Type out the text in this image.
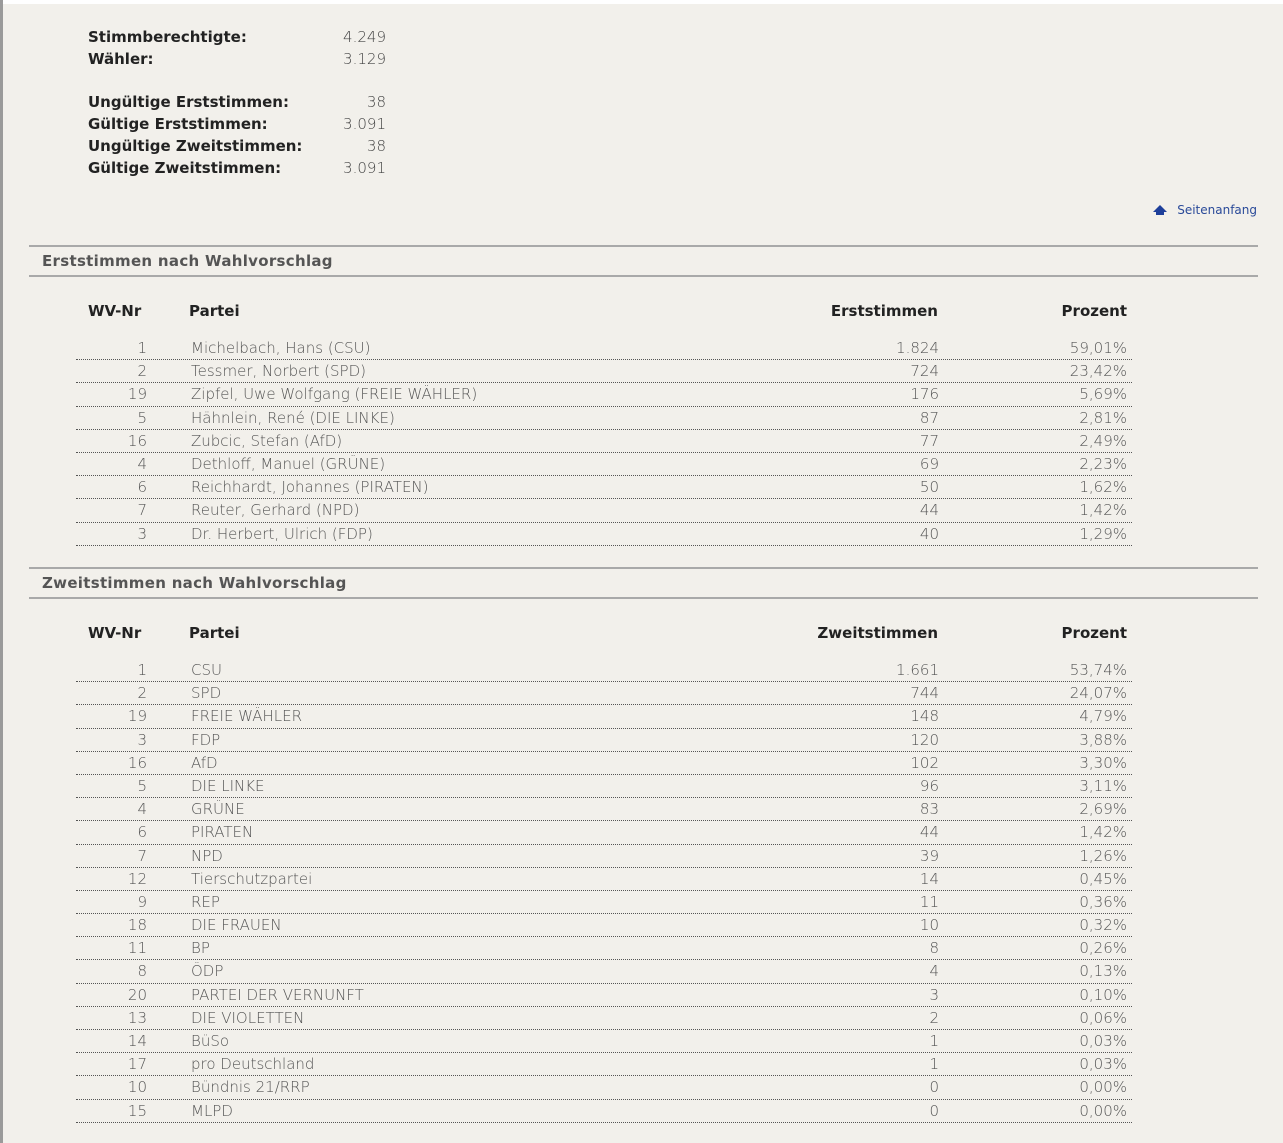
Stimmberechtigte:	4.249
Wähler:	3.129
Ungültige Erststimmen:	38
Gültige Erststimmen:	3.091
Ungültige Zweitstimmen:	38
Gültige Zweitstimmen:	3.091
Seitenanfang
Erststimmen nach Wahlvorschlag
WV-Nr	Partei	Erststimmen	Prozent
1	Michelbach, Hans (CSU)	1.824	59,01%
2	Tessmer, Norbert (SPD)	724	23,42%
19	Zipfel, Uwe Wolfgang (FREIE WÄHLER)	176	5,69%
5	Hähnlein, René (DIE LINKE)	87	2,81%
16	Zubcic, Stefan (AfD)	77	2,49%
4	Dethloff, Manuel (GRÜNE)	69	2,23%
6	Reichhardt, Johannes (PIRATEN)	50	1,62%
7	Reuter, Gerhard (NPD)	44	1,42%
3	Dr. Herbert, Ulrich (FDP)	40	1,29%
Zweitstimmen nach Wahlvorschlag
WV-Nr	Partei	Zweitstimmen	Prozent
1	CSU	1.661	53,74%
2	SPD	744	24,07%
19	FREIE WÄHLER	148	4,79%
3	FDP	120	3,88%
16	AfD	102	3,30%
5	DIE LINKE	96	3,11%
4	GRÜNE	83	2,69%
6	PIRATEN	44	1,42%
7	NPD	39	1,26%
12	Tierschutzpartei	14	0,45%
9	REP	11	0,36%
18	DIE FRAUEN	10	0,32%
11	BP	8	0,26%
8	ÖDP	4	0,13%
20	PARTEI DER VERNUNFT	3	0,10%
13	DIE VIOLETTEN	2	0,06%
14	BüSo	1	0,03%
17	pro Deutschland	1	0,03%
10	Bündnis 21/RRP	0	0,00%
15	MLPD	0	0,00%
